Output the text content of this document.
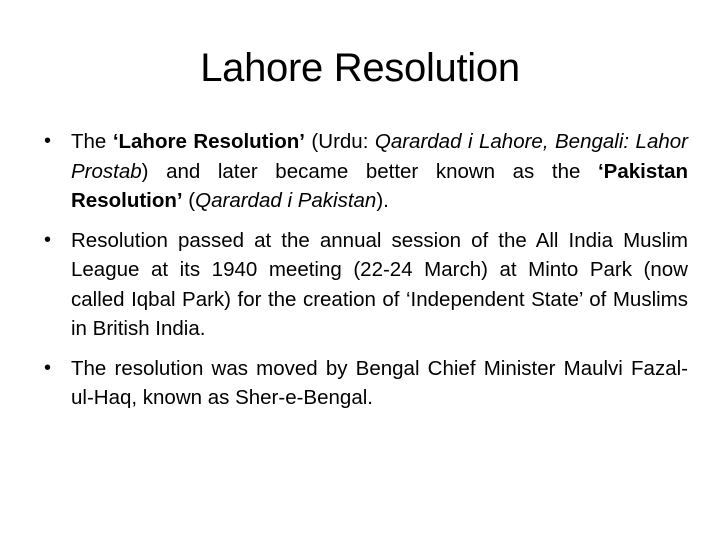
Lahore Resolution
• The ‘Lahore Resolution’ (Urdu: Qarardad i Lahore, Bengali: Lahor Prostab) and later became better known as the ‘Pakistan Resolution’ (Qarardad i Pakistan).
• Resolution passed at the annual session of the All India Muslim League at its 1940 meeting (22-24 March) at Minto Park (now called Iqbal Park) for the creation of ‘Independent State’ of Muslims in British India.
• The resolution was moved by Bengal Chief Minister Maulvi Fazal-ul-Haq, known as Sher-e-Bengal.
